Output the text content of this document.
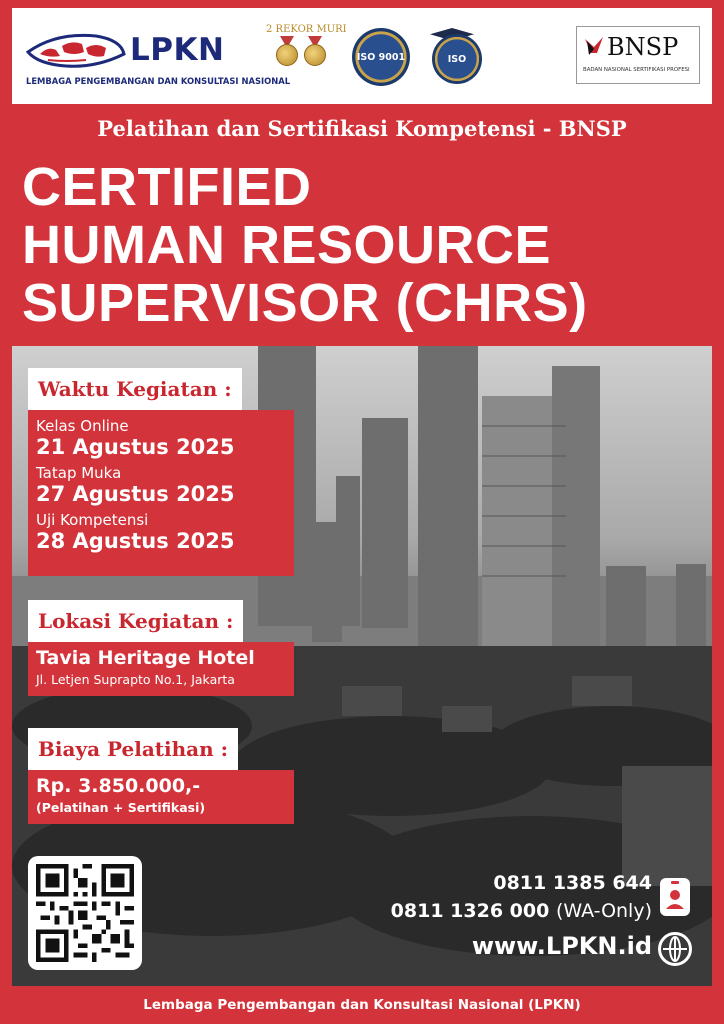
LPKN
LEMBAGA PENGEMBANGAN DAN KONSULTASI NASIONAL
2 REKOR MURI
ISO 9001	ISO	BNSP
BADAN NASIONAL SERTIFIKASI PROFESI
Pelatihan dan Sertifikasi Kompetensi - BNSP
CERTIFIED
HUMAN RESOURCE
SUPERVISOR (CHRS)
Waktu Kegiatan :
Kelas Online
21 Agustus 2025
Tatap Muka
27 Agustus 2025
Uji Kompetensi
28 Agustus 2025
Lokasi Kegiatan :
Tavia Heritage Hotel
Jl. Letjen Suprapto No.1, Jakarta
Biaya Pelatihan :
Rp. 3.850.000,-
(Pelatihan + Sertifikasi)
0811 1385 644
0811 1326 000 (WA-Only)
www.LPKN.id
Lembaga Pengembangan dan Konsultasi Nasional (LPKN)
